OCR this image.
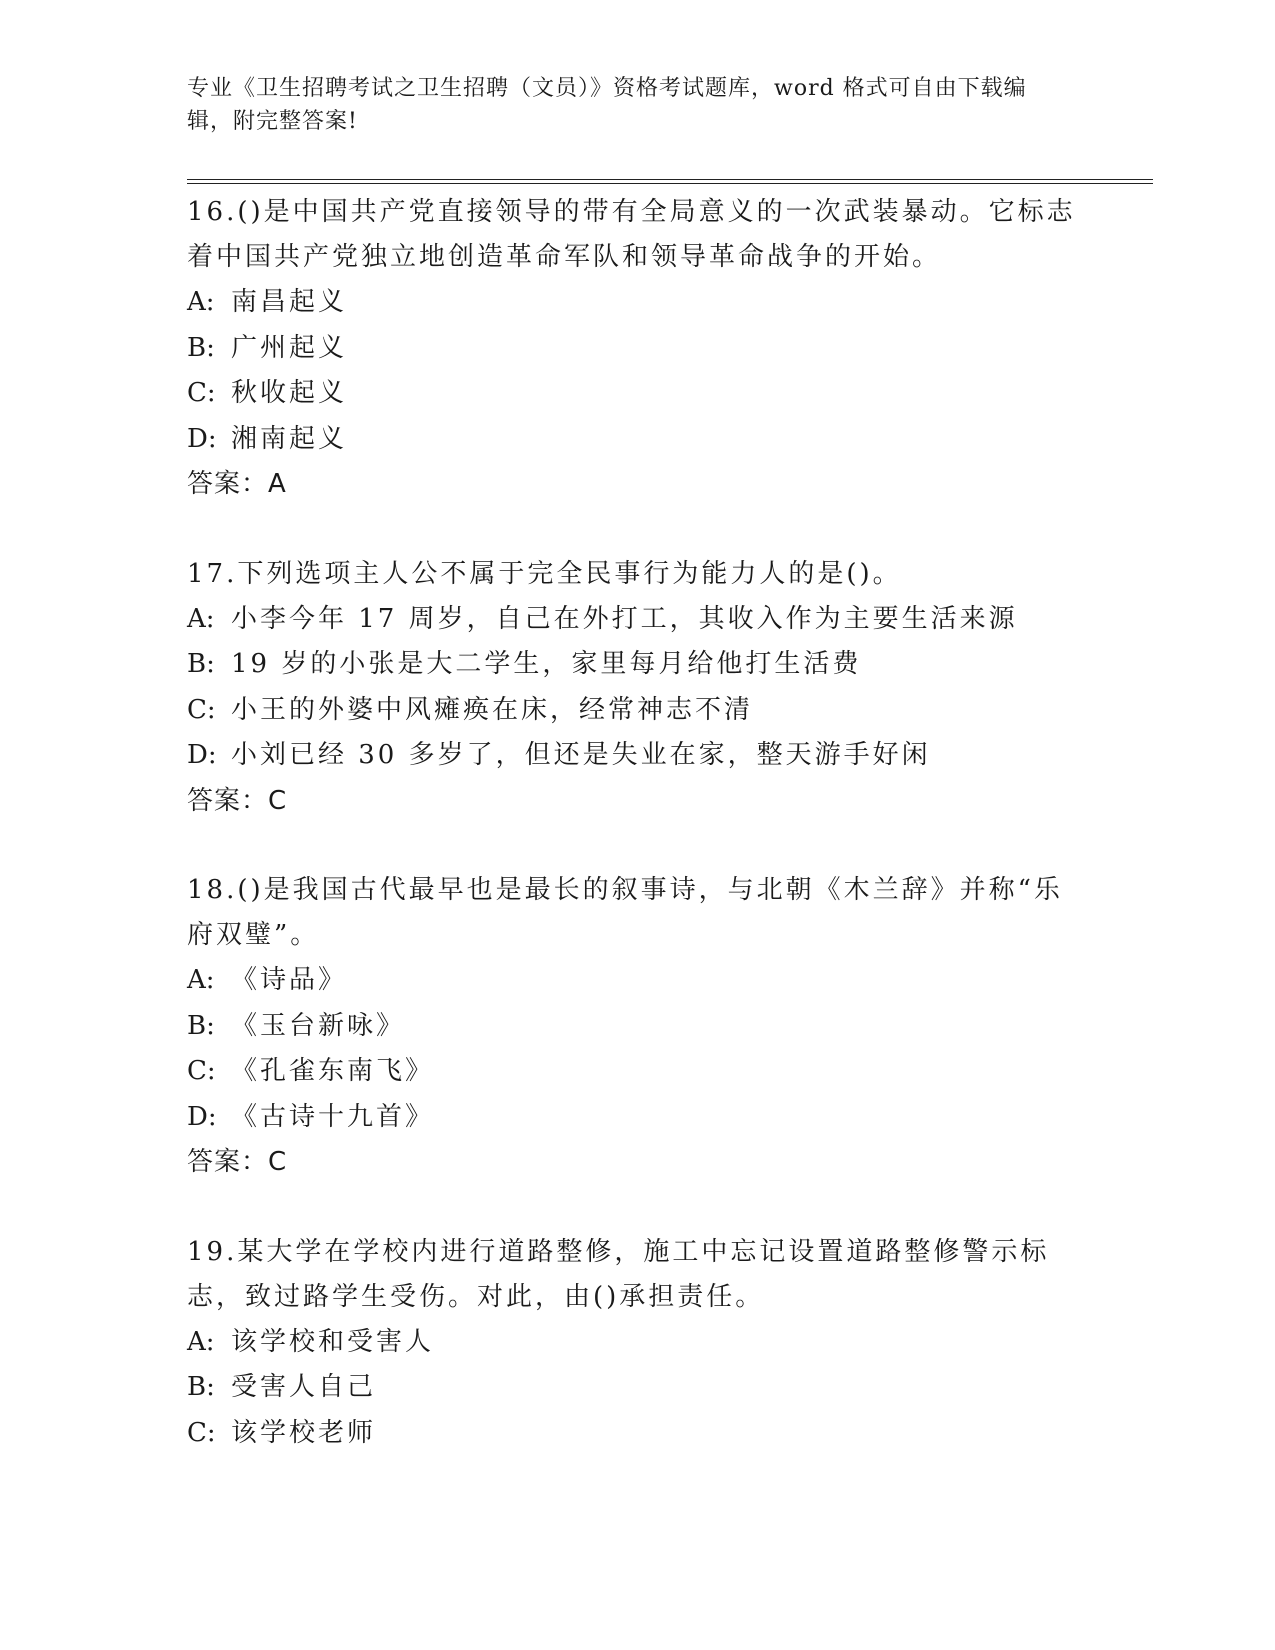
专业《卫生招聘考试之卫生招聘（文员）》资格考试题库，word 格式可自由下载编辑，附完整答案!

16.()是中国共产党直接领导的带有全局意义的一次武装暴动。它标志着中国共产党独立地创造革命军队和领导革命战争的开始。

A: 南昌起义

B: 广州起义

C: 秋收起义

D: 湘南起义

答案：A

17.下列选项主人公不属于完全民事行为能力人的是()。

A: 小李今年 17 周岁，自己在外打工，其收入作为主要生活来源

B: 19 岁的小张是大二学生，家里每月给他打生活费

C: 小王的外婆中风瘫痪在床，经常神志不清

D: 小刘已经 30 多岁了，但还是失业在家，整天游手好闲

答案：C

18.()是我国古代最早也是最长的叙事诗，与北朝《木兰辞》并称“乐府双璧”。

A: 《诗品》

B: 《玉台新咏》

C: 《孔雀东南飞》

D: 《古诗十九首》

答案：C

19.某大学在学校内进行道路整修，施工中忘记设置道路整修警示标志，致过路学生受伤。对此，由()承担责任。

A: 该学校和受害人

B: 受害人自己

C: 该学校老师
